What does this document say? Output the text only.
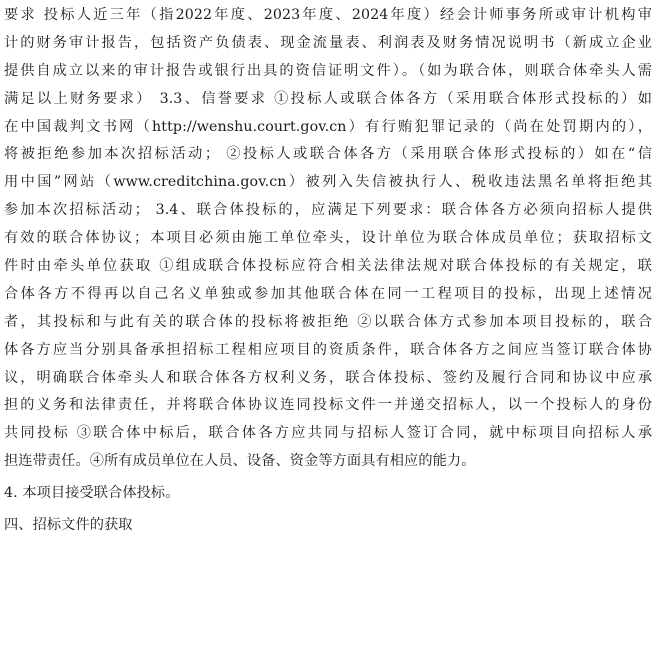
要求 投标人近三年（指2022年度、2023年度、2024年度）经会计师事务所或审计机构审
计的财务审计报告，包括资产负债表、现金流量表、利润表及财务情况说明书（新成立企业
提供自成立以来的审计报告或银行出具的资信证明文件）。（如为联合体，则联合体牵头人需
满足以上财务要求） 3.3、信誉要求 ①投标人或联合体各方（采用联合体形式投标的）如
在中国裁判文书网（http://wenshu.court.gov.cn）有行贿犯罪记录的（尚在处罚期内的），
将被拒绝参加本次招标活动； ②投标人或联合体各方（采用联合体形式投标的）如在“信
用中国”网站（www.creditchina.gov.cn）被列入失信被执行人、税收违法黑名单将拒绝其
参加本次招标活动； 3.4、联合体投标的，应满足下列要求：联合体各方必须向招标人提供
有效的联合体协议；本项目必须由施工单位牵头，设计单位为联合体成员单位；获取招标文
件时由牵头单位获取 ①组成联合体投标应符合相关法律法规对联合体投标的有关规定，联
合体各方不得再以自己名义单独或参加其他联合体在同一工程项目的投标，出现上述情况
者，其投标和与此有关的联合体的投标将被拒绝 ②以联合体方式参加本项目投标的，联合
体各方应当分别具备承担招标工程相应项目的资质条件，联合体各方之间应当签订联合体协
议，明确联合体牵头人和联合体各方权利义务，联合体投标、签约及履行合同和协议中应承
担的义务和法律责任，并将联合体协议连同投标文件一并递交招标人，以一个投标人的身份
共同投标 ③联合体中标后，联合体各方应共同与招标人签订合同，就中标项目向招标人承
担连带责任。④所有成员单位在人员、设备、资金等方面具有相应的能力。
4. 本项目接受联合体投标。
四、招标文件的获取
